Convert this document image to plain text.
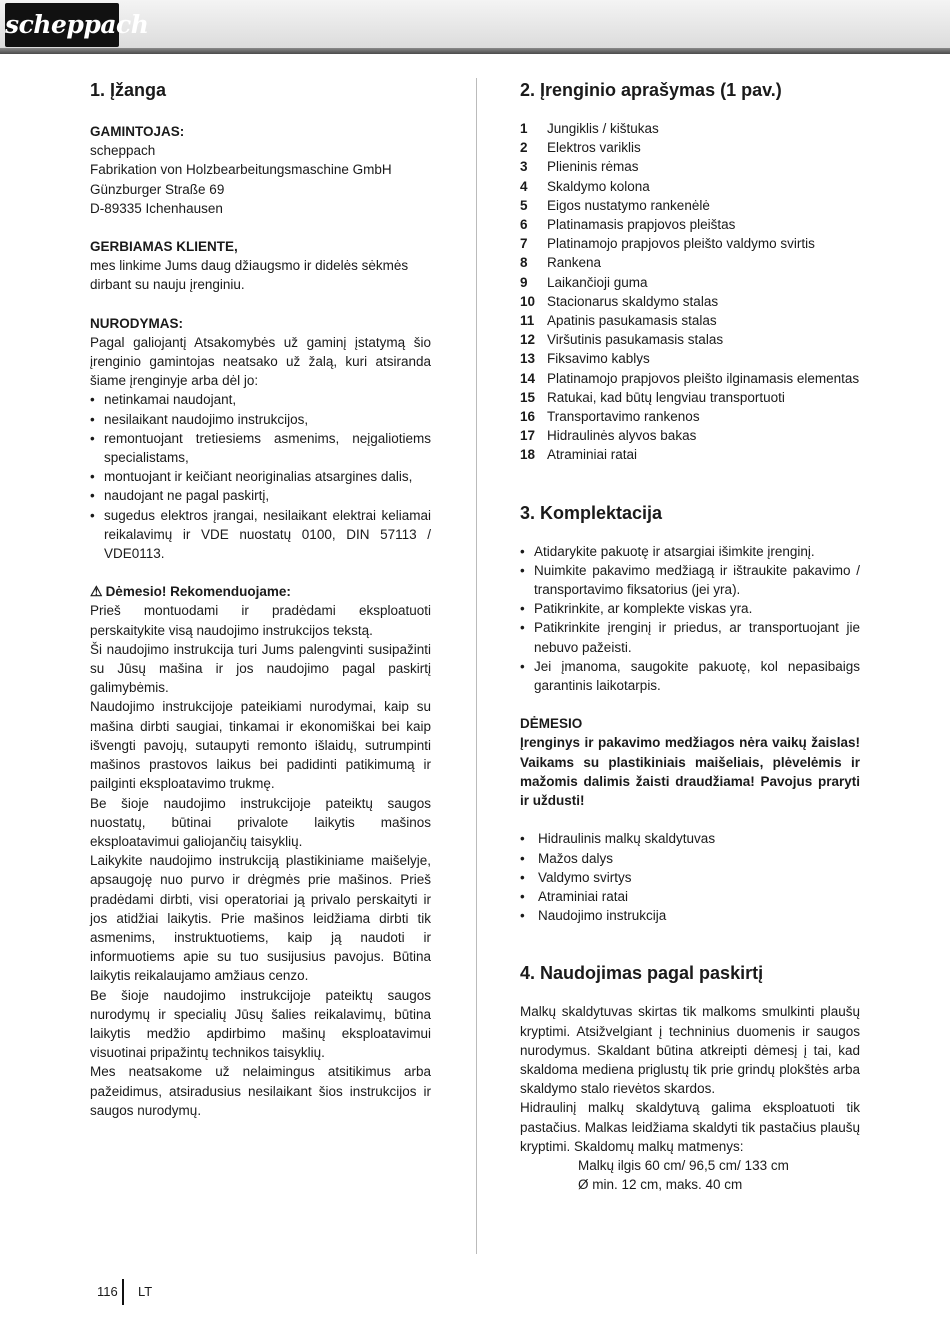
scheppach
1. Įžanga

GAMINTOJAS:

scheppach

Fabrikation von Holzbearbeitungsmaschine GmbH

Günzburger Straße 69

D-89335 Ichenhausen

GERBIAMAS KLIENTE,

mes linkime Jums daug džiaugsmo ir didelės sėkmės

dirbant su nauju įrenginiu.

NURODYMAS:

Pagal galiojantį Atsakomybės už gaminį įstatymą šio įrenginio gamintojas neatsako už žalą, kuri atsiranda šiame įrenginyje arba dėl jo:

• netinkamai naudojant,
• nesilaikant naudojimo instrukcijos,
• remontuojant tretiesiems asmenims, neįgaliotiems specialistams,
• montuojant ir keičiant neoriginalias atsargines dalis,
• naudojant ne pagal paskirtį,
• sugedus elektros įrangai, nesilaikant elektrai keliamai reikalavimų ir VDE nuostatų 0100, DIN 57113 / VDE0113.

⚠ Dėmesio! Rekomenduojame:

Prieš montuodami ir pradėdami eksploatuoti perskaitykite visą naudojimo instrukcijos tekstą.

Ši naudojimo instrukcija turi Jums palengvinti susipažinti su Jūsų mašina ir jos naudojimo pagal paskirtį galimybėmis.

Naudojimo instrukcijoje pateikiami nurodymai, kaip su mašina dirbti saugiai, tinkamai ir ekonomiškai bei kaip išvengti pavojų, sutaupyti remonto išlaidų, sutrumpinti mašinos prastovos laikus bei padidinti patikimumą ir pailginti eksploatavimo trukmę.

Be šioje naudojimo instrukcijoje pateiktų saugos nuostatų, būtinai privalote laikytis mašinos eksploatavimui galiojančių taisyklių.

Laikykite naudojimo instrukciją plastikiniame maišelyje, apsaugoję nuo purvo ir drėgmės prie mašinos. Prieš pradėdami dirbti, visi operatoriai ją privalo perskaityti ir jos atidžiai laikytis. Prie mašinos leidžiama dirbti tik asmenims, instruktuotiems, kaip ją naudoti ir informuotiems apie su tuo susijusius pavojus. Būtina laikytis reikalaujamo amžiaus cenzo.

Be šioje naudojimo instrukcijoje pateiktų saugos nurodymų ir specialių Jūsų šalies reikalavimų, būtina laikytis medžio apdirbimo mašinų eksploatavimui visuotinai pripažintų technikos taisyklių.

Mes neatsakome už nelaimingus atsitikimus arba pažeidimus, atsiradusius nesilaikant šios instrukcijos ir saugos nurodymų.

2. Įrenginio aprašymas (1 pav.)
1	Jungiklis / kištukas
2	Elektros variklis
3	Plieninis rėmas
4	Skaldymo kolona
5	Eigos nustatymo rankenėlė
6	Platinamasis prapjovos pleištas
7	Platinamojo prapjovos pleišto valdymo svirtis
8	Rankena
9	Laikančioji guma
10 Stacionarus skaldymo stalas
11 Apatinis pasukamasis stalas
12 Viršutinis pasukamasis stalas
13 Fiksavimo kablys
14 Platinamojo prapjovos pleišto ilginamasis elementas
15 Ratukai, kad būtų lengviau transportuoti
16 Transportavimo rankenos
17 Hidraulinės alyvos bakas
18 Atraminiai ratai
3. Komplektacija
• Atidarykite pakuotę ir atsargiai išimkite įrenginį.
• Nuimkite pakavimo medžiagą ir ištraukite pakavimo / transportavimo fiksatorius (jei yra).
• Patikrinkite, ar komplekte viskas yra.
• Patikrinkite įrenginį ir priedus, ar transportuojant jie nebuvo pažeisti.
• Jei įmanoma, saugokite pakuotę, kol nepasibaigs garantinis laikotarpis.

DĖMESIO

Įrenginys ir pakavimo medžiagos nėra vaikų žaislas! Vaikams su plastikiniais maišeliais, plėvelėmis ir mažomis dalimis žaisti draudžiama! Pavojus praryti ir uždusti!

• Hidraulinis malkų skaldytuvas
• Mažos dalys
• Valdymo svirtys
• Atraminiai ratai
• Naudojimo instrukcija
4. Naudojimas pagal paskirtį

Malkų skaldytuvas skirtas tik malkoms smulkinti plaušų kryptimi. Atsižvelgiant į techninius duomenis ir saugos nurodymus. Skaldant būtina atkreipti dėmesį į tai, kad skaldoma mediena priglustų tik prie grindų plokštės arba skaldymo stalo rievėtos skardos.

Hidraulinį malkų skaldytuvą galima eksploatuoti tik pastačius. Malkas leidžiama skaldyti tik pastačius plaušų kryptimi. Skaldomų malkų matmenys:

Malkų ilgis 60 cm/ 96,5 cm/ 133 cm

Ø min. 12 cm, maks. 40 cm

116 LT
